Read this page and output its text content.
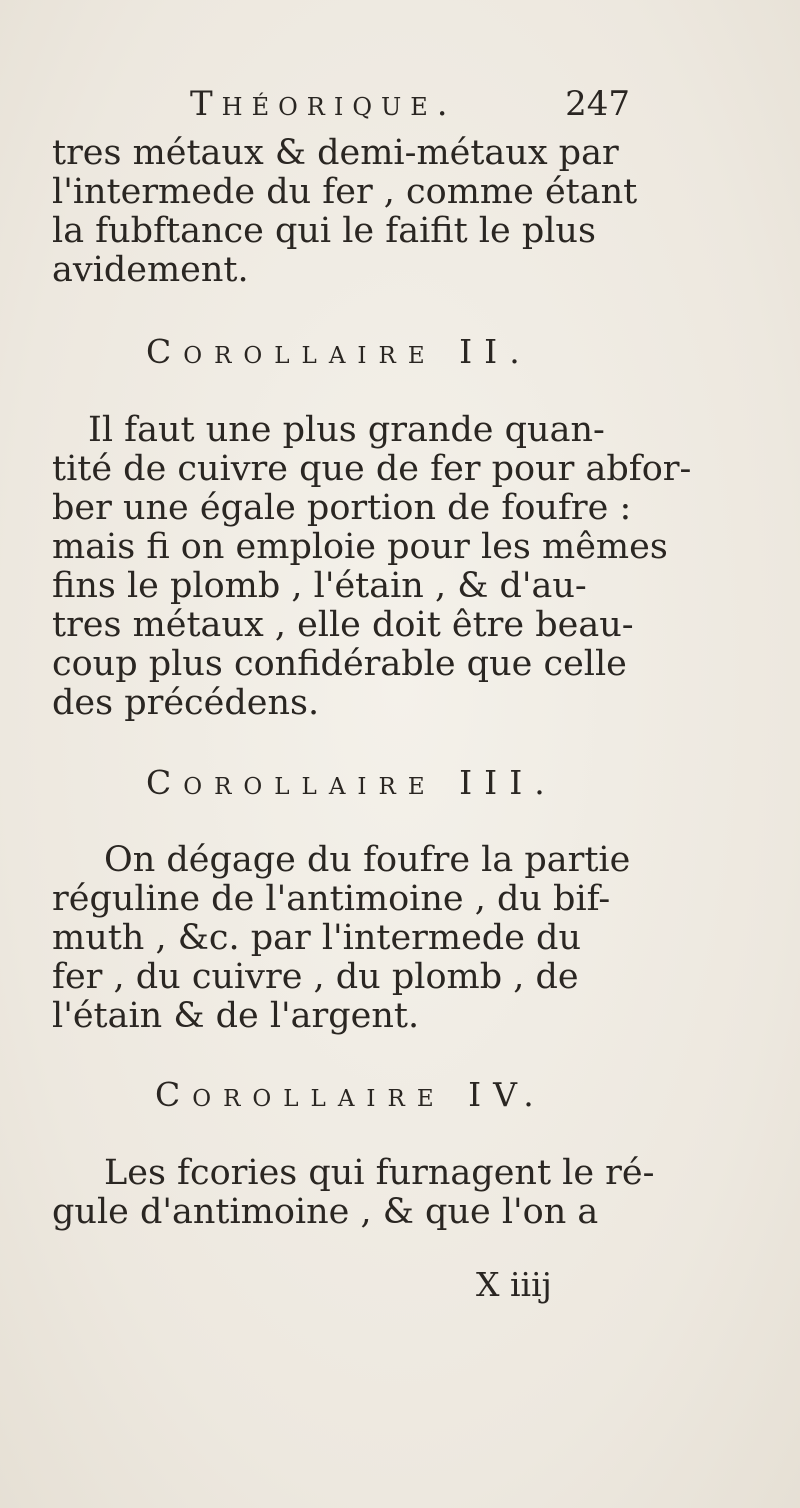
Théorique.	247
tres métaux & demi-métaux par
l'intermede du fer , comme étant
la fubftance qui le faifit le plus
avidement.
Corollaire II.
Il faut une plus grande quan-
tité de cuivre que de fer pour abfor-
ber une égale portion de foufre :
mais fi on emploie pour les mêmes
fins le plomb , l'étain , & d'au-
tres métaux , elle doit être beau-
coup plus confidérable que celle
des précédens.
Corollaire III.
On dégage du foufre la partie
réguline de l'antimoine , du bif-
muth , &c. par l'intermede du
fer , du cuivre , du plomb , de
l'étain & de l'argent.
Corollaire IV.
Les fcories qui furnagent le ré-
gule d'antimoine , & que l'on a
X iiij
